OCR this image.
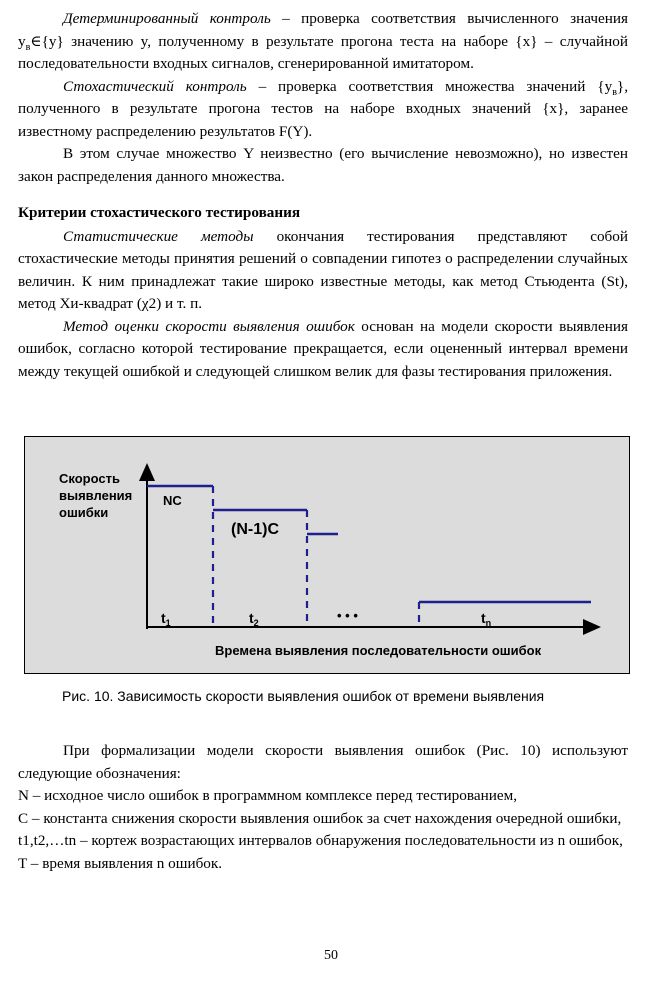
Детерминированный контроль – проверка соответствия вычисленного значения $y_в\in\{y\}$ значению y, полученному в результате прогона теста на наборе {x} – случайной последовательности входных сигналов, сгенерированной имитатором.

Стохастический контроль – проверка соответствия множества значений $\{y_в\}$, полученного в результате прогона тестов на наборе входных значений {x}, заранее известному распределению результатов F(Y).

В этом случае множество Y неизвестно (его вычисление невозможно), но известен закон распределения данного множества.

Критерии стохастического тестирования

Статистические методы окончания тестирования представляют собой стохастические методы принятия решений о совпадении гипотез о распределении случайных величин. К ним принадлежат такие широко известные методы, как метод Стьюдента (St), метод Хи-квадрат (χ2) и т. п.

Метод оценки скорости выявления ошибок основан на модели скорости выявления ошибок, согласно которой тестирование прекращается, если оцененный интервал времени между текущей ошибкой и следующей слишком велик для фазы тестирования приложения.

Скорость
выявления
ошибки
NC
(N-1)C
$t_1$	$t_2$	$t_n$
• • •
Времена выявления последовательности ошибок
Рис. 10. Зависимость скорости выявления ошибок от времени выявления

При формализации модели скорости выявления ошибок (Рис. 10) используют следующие обозначения:

N – исходное число ошибок в программном комплексе перед тестированием,

C – константа снижения скорости выявления ошибок за счет нахождения очередной ошибки,

t1,t2,…tn – кортеж возрастающих интервалов обнаружения последовательности из n ошибок,

T – время выявления n ошибок.

50
